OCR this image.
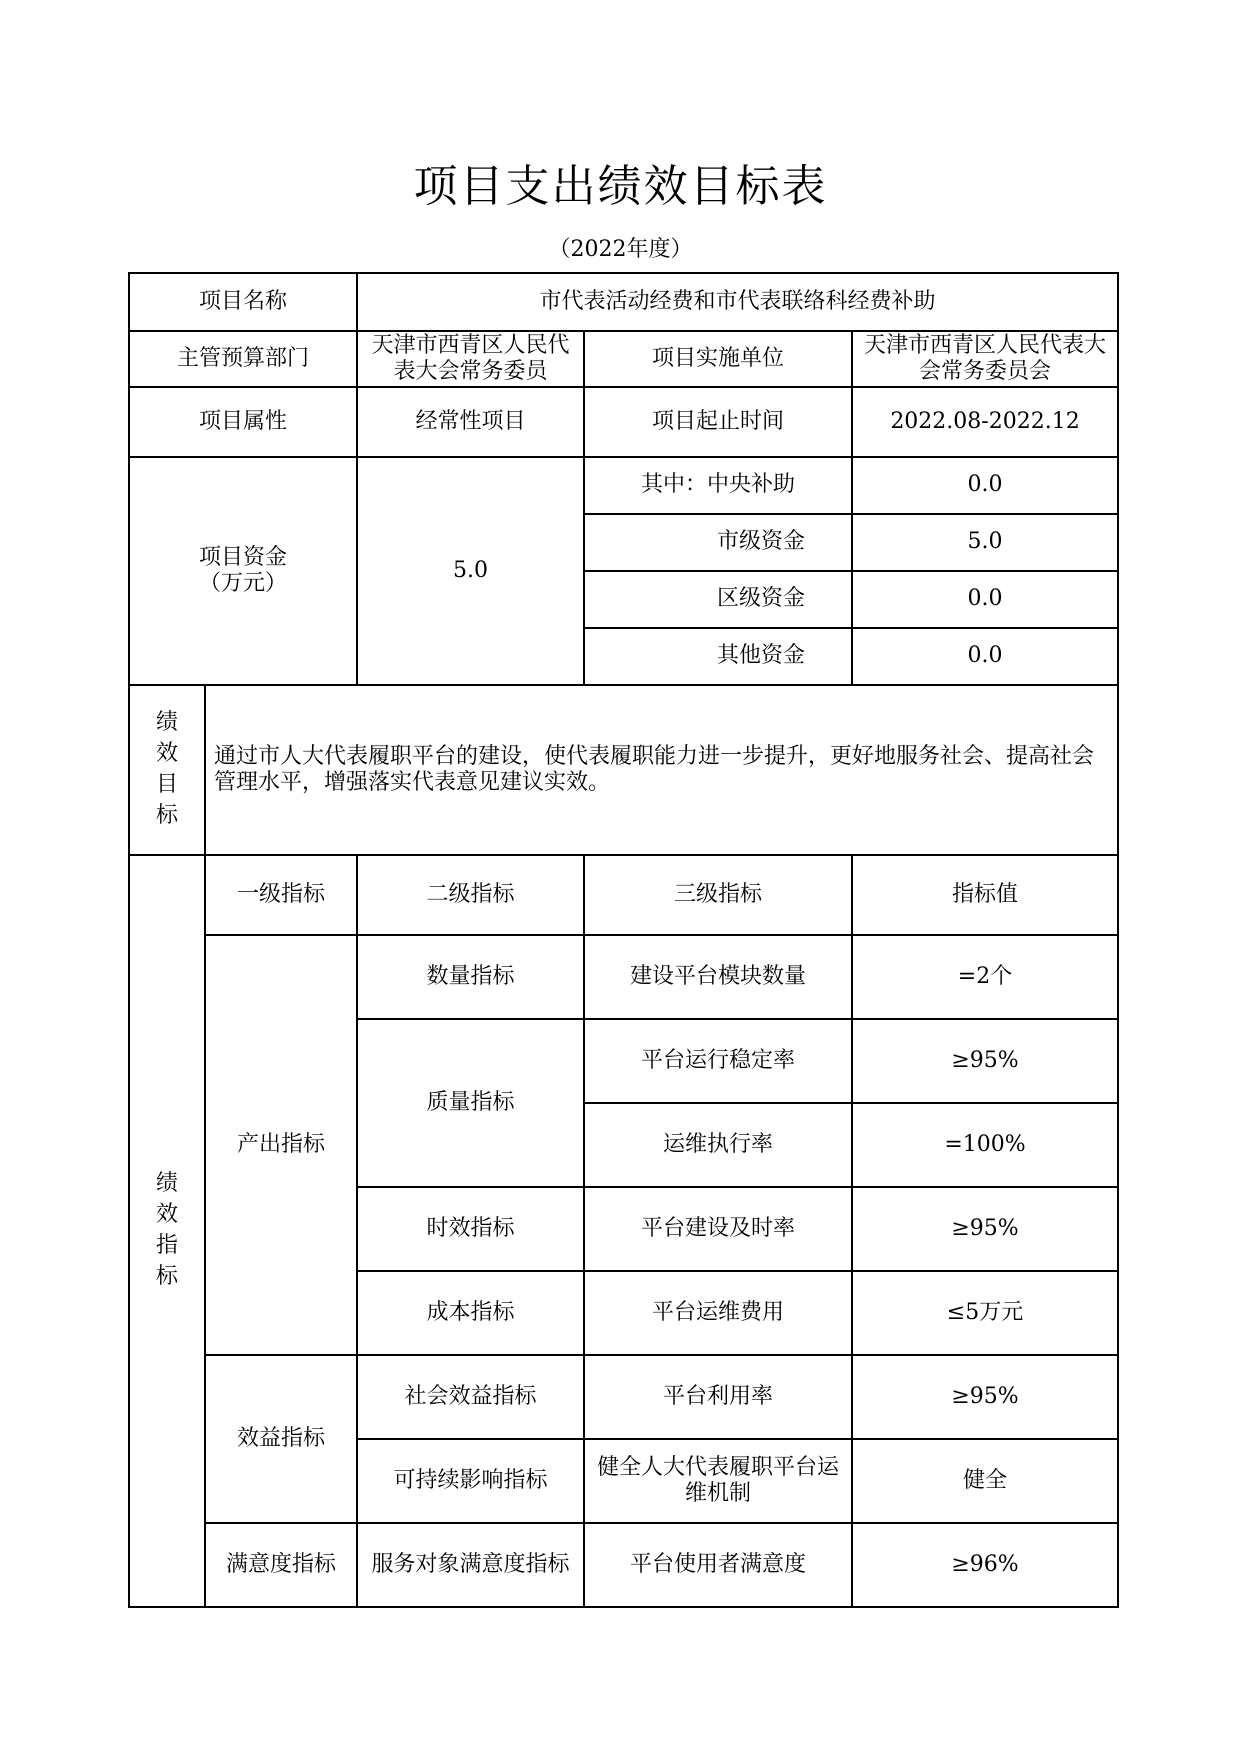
项目支出绩效目标表
（2022年度）
项目名称		市代表活动经费和市代表联络科经费补助		
主管预算部门		天津市西青区人民代表大会常务委员	项目实施单位	天津市西青区人民代表大会常务委员会
项目属性		经常性项目	项目起止时间	2022.08-2022.12

项目资金
（万元）		5.0	其中：中央补助	0.0
			市级资金	5.0
			区级资金	0.0
			其他资金	0.0

绩效目标	通过市人大代表履职平台的建设，使代表履职能力进一步提升，更好地服务社会、提高社会管理水平，增强落实代表意见建议实效。			

绩效指标	一级指标	二级指标	三级指标	指标值
	产出指标	数量指标	建设平台模块数量	=2个
		质量指标	平台运行稳定率	≥95%
			运维执行率	=100%
		时效指标	平台建设及时率	≥95%
		成本指标	平台运维费用	≤5万元
	效益指标	社会效益指标	平台利用率	≥95%
		可持续影响指标	健全人大代表履职平台运维机制	健全
	满意度指标	服务对象满意度指标	平台使用者满意度	≥96%
